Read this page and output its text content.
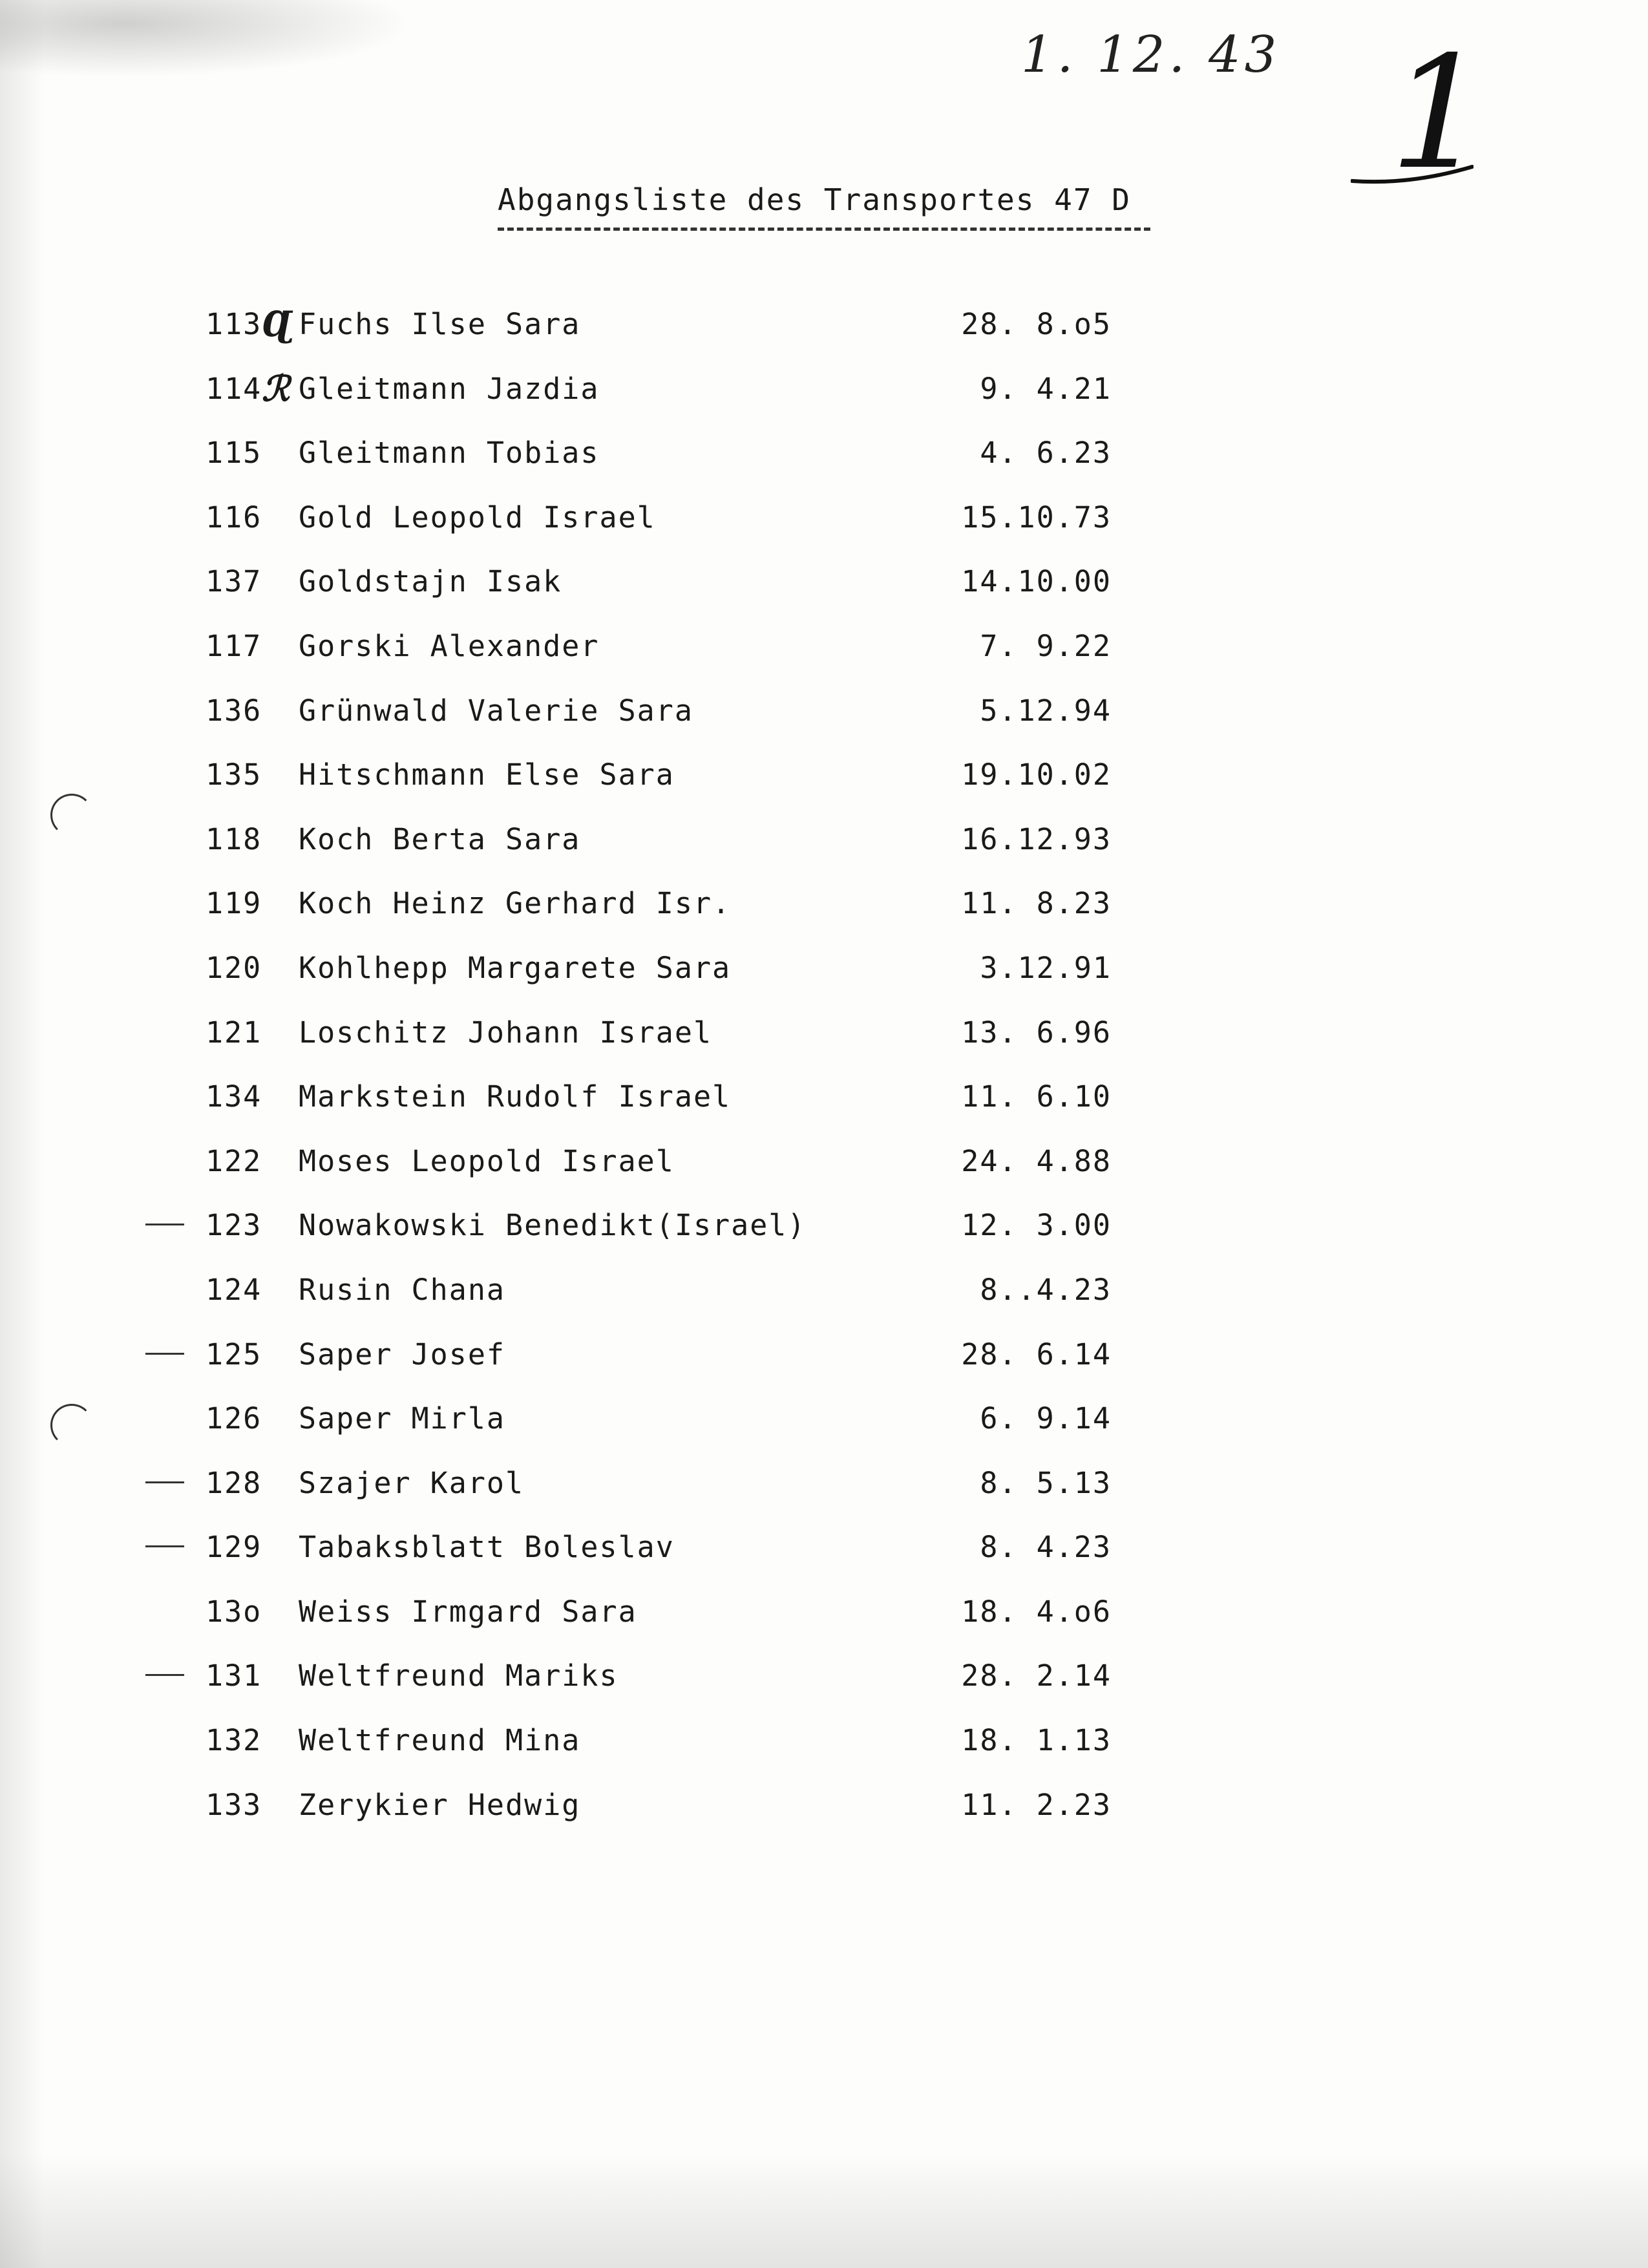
1. 12. 43 1
Abgangsliste des Transportes 47 D
113 Ɋ Fuchs Ilse Sara	28. 8.o5
114 ℛ Gleitmann Jazdia	9. 4.21
115 Gleitmann Tobias	4. 6.23
116 Gold Leopold Israel	15.10.73
137 Goldstajn Isak	14.10.00
117 Gorski Alexander	7. 9.22
136 Grünwald Valerie Sara	5.12.94
135 Hitschmann Else Sara	19.10.02
118 Koch Berta Sara	16.12.93
119 Koch Heinz Gerhard Isr.	11. 8.23
120 Kohlhepp Margarete Sara	3.12.91
121 Loschitz Johann Israel	13. 6.96
134 Markstein Rudolf Israel	11. 6.10
122 Moses Leopold Israel	24. 4.88
123 Nowakowski Benedikt(Israel)	12. 3.00
124 Rusin Chana	8..4.23
125 Saper Josef	28. 6.14
126 Saper Mirla	6. 9.14
128 Szajer Karol	8. 5.13
129 Tabaksblatt Boleslav	8. 4.23
13o Weiss Irmgard Sara	18. 4.o6
131 Weltfreund Mariks	28. 2.14
132 Weltfreund Mina	18. 1.13
133 Zerykier Hedwig	11. 2.23
